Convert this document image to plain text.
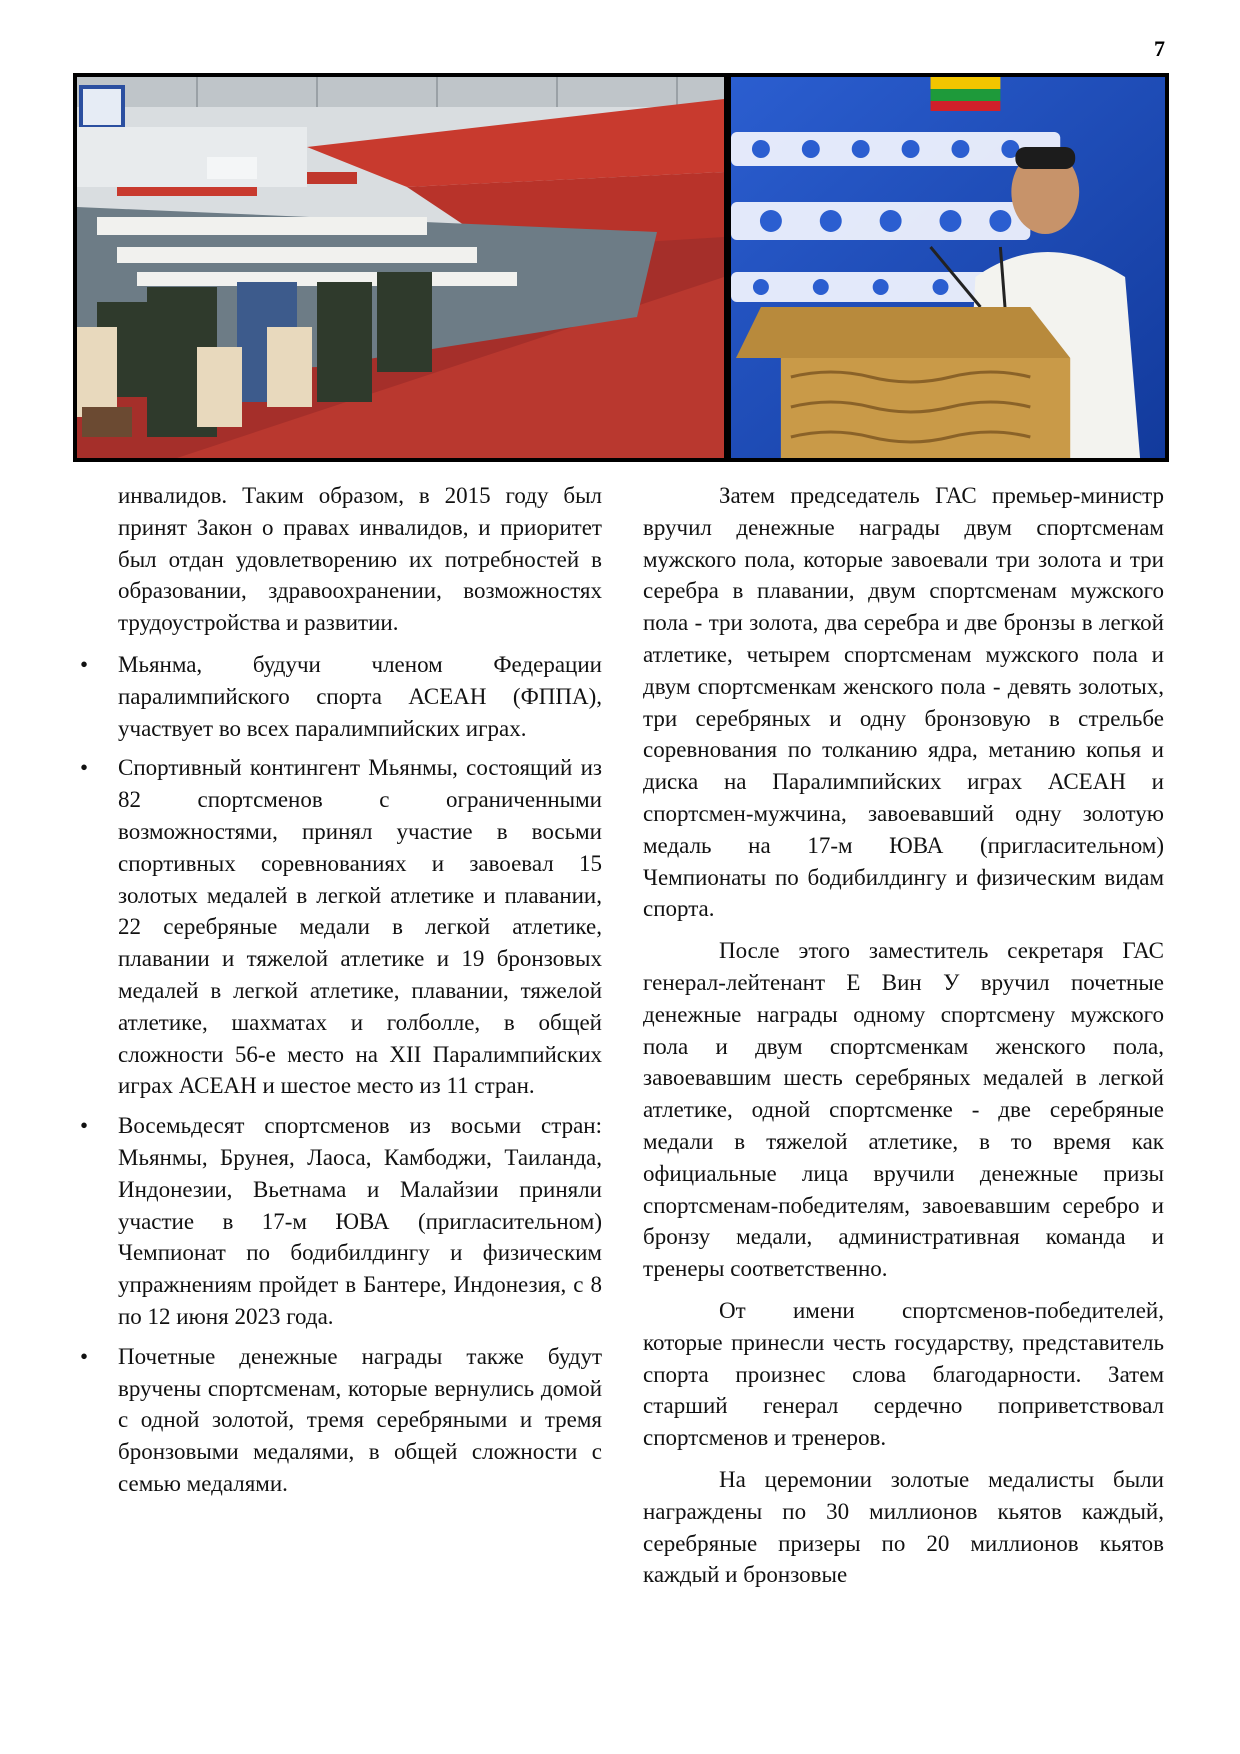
7

инвалидов. Таким образом, в 2015 году был принят Закон о правах инвалидов, и приоритет был отдан удовлетворению их потребностей в образовании, здравоохранении, возможностях трудоустройства и развитии.

• Мьянма, будучи членом Федерации паралимпийского спорта АСЕАН (ФППА), участвует во всех паралимпийских играх.
• Спортивный контингент Мьянмы, состоящий из 82 спортсменов с ограниченными возможностями, принял участие в восьми спортивных соревнованиях и завоевал 15 золотых медалей в легкой атлетике и плавании, 22 серебряные медали в легкой атлетике, плавании и тяжелой атлетике и 19 бронзовых медалей в легкой атлетике, плавании, тяжелой атлетике, шахматах и голболле, в общей сложности 56-е место на XII Паралимпийских играх АСЕАН и шестое место из 11 стран.
• Восемьдесят спортсменов из восьми стран: Мьянмы, Брунея, Лаоса, Камбоджи, Таиланда, Индонезии, Вьетнама и Малайзии приняли участие в 17-м ЮВА (пригласительном) Чемпионат по бодибилдингу и физическим упражнениям пройдет в Бантере, Индонезия, с 8 по 12 июня 2023 года.
• Почетные денежные награды также будут вручены спортсменам, которые вернулись домой с одной золотой, тремя серебряными и тремя бронзовыми медалями, в общей сложности с семью медалями.

Затем председатель ГАС премьер-министр вручил денежные награды двум спортсменам мужского пола, которые завоевали три золота и три серебра в плавании, двум спортсменам мужского пола - три золота, два серебра и две бронзы в легкой атлетике, четырем спортсменам мужского пола и двум спортсменкам женского пола - девять золотых, три серебряных и одну бронзовую в стрельбе соревнования по толканию ядра, метанию копья и диска на Паралимпийских играх АСЕАН и спортсмен-мужчина, завоевавший одну золотую медаль на 17-м ЮВА (пригласительном) Чемпионаты по бодибилдингу и физическим видам спорта.

После этого заместитель секретаря ГАС генерал-лейтенант Е Вин У вручил почетные денежные награды одному спортсмену мужского пола и двум спортсменкам женского пола, завоевавшим шесть серебряных медалей в легкой атлетике, одной спортсменке - две серебряные медали в тяжелой атлетике, в то время как официальные лица вручили денежные призы спортсменам-победителям, завоевавшим серебро и бронзу медали, административная команда и тренеры соответственно.

От имени спортсменов-победителей, которые принесли честь государству, представитель спорта произнес слова благодарности. Затем старший генерал сердечно поприветствовал спортсменов и тренеров.

На церемонии золотые медалисты были награждены по 30 миллионов кьятов каждый, серебряные призеры по 20 миллионов кьятов каждый и бронзовые
